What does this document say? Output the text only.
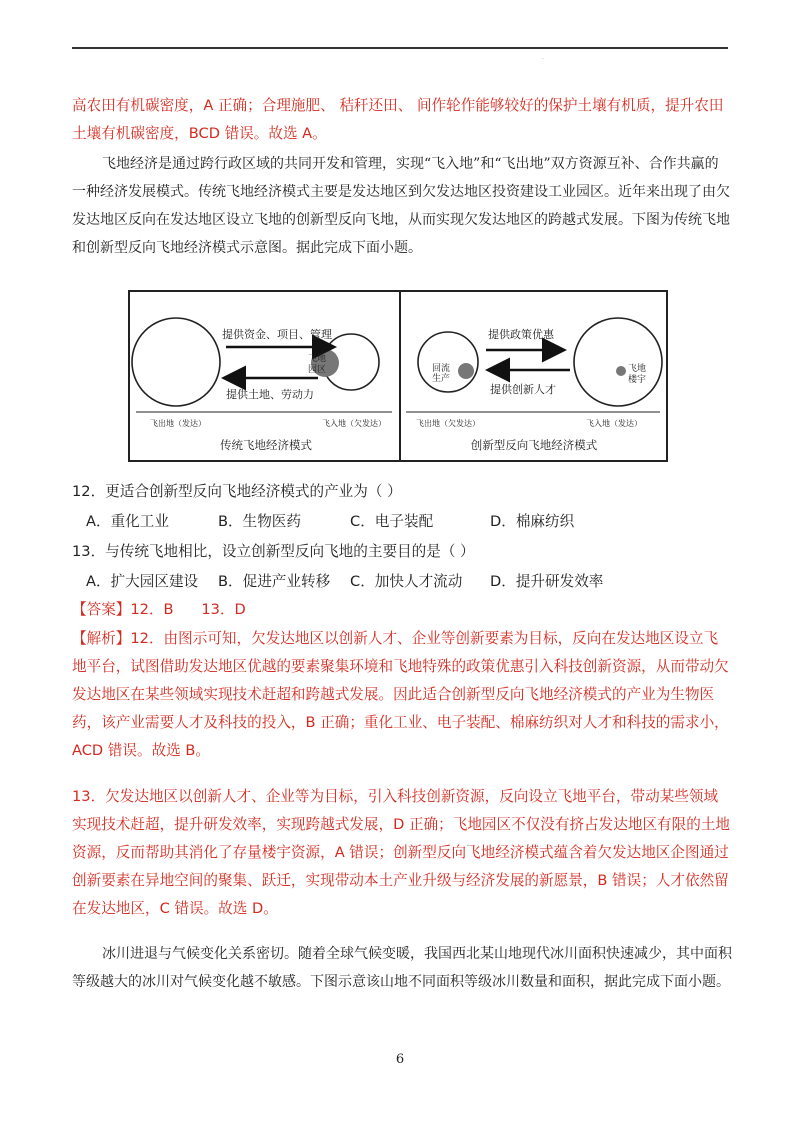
·

高农田有机碳密度，A 正确；合理施肥、 秸秆还田、 间作轮作能够较好的保护土壤有机质，提升农田土壤有机碳密度，BCD 错误。故选 A。

飞地经济是通过跨行政区域的共同开发和管理，实现“飞入地”和“飞出地”双方资源互补、合作共赢的一种经济发展模式。传统飞地经济模式主要是发达地区到欠发达地区投资建设工业园区。近年来出现了由欠发达地区反向在发达地区设立飞地的创新型反向飞地，从而实现欠发达地区的跨越式发展。下图为传统飞地和创新型反向飞地经济模式示意图。据此完成下面小题。

提供资金、项目、管理
提供土地、劳动力
飞地
园区
飞出地（发达）	飞入地（欠发达）
传统飞地经济模式
提供政策优惠
提供创新人才
回流
生产
飞地
楼宇
飞出地（欠发达）	飞入地（发达）
创新型反向飞地经济模式
12．更适合创新型反向飞地经济模式的产业为（ ）
A．重化工业	B．生物医药	C．电子装配	D．棉麻纺织
13．与传统飞地相比，设立创新型反向飞地的主要目的是（ ）
A．扩大园区建设 B．促进产业转移 C．加快人才流动 D．提升研发效率
【答案】12．B      13．D

【解析】12．由图示可知，欠发达地区以创新人才、企业等创新要素为目标，反向在发达地区设立飞地平台，试图借助发达地区优越的要素聚集环境和飞地特殊的政策优惠引入科技创新资源，从而带动欠发达地区在某些领域实现技术赶超和跨越式发展。因此适合创新型反向飞地经济模式的产业为生物医药，该产业需要人才及科技的投入，B 正确；重化工业、电子装配、棉麻纺织对人才和科技的需求小，ACD 错误。故选 B。

13．欠发达地区以创新人才、企业等为目标，引入科技创新资源，反向设立飞地平台，带动某些领域实现技术赶超，提升研发效率，实现跨越式发展，D 正确；飞地园区不仅没有挤占发达地区有限的土地资源，反而帮助其消化了存量楼宇资源，A 错误；创新型反向飞地经济模式蕴含着欠发达地区企图通过创新要素在异地空间的聚集、跃迁，实现带动本土产业升级与经济发展的新愿景，B 错误；人才依然留在发达地区，C 错误。故选 D。

冰川进退与气候变化关系密切。随着全球气候变暖，我国西北某山地现代冰川面积快速减少，其中面积等级越大的冰川对气候变化越不敏感。下图示意该山地不同面积等级冰川数量和面积，据此完成下面小题。

6
